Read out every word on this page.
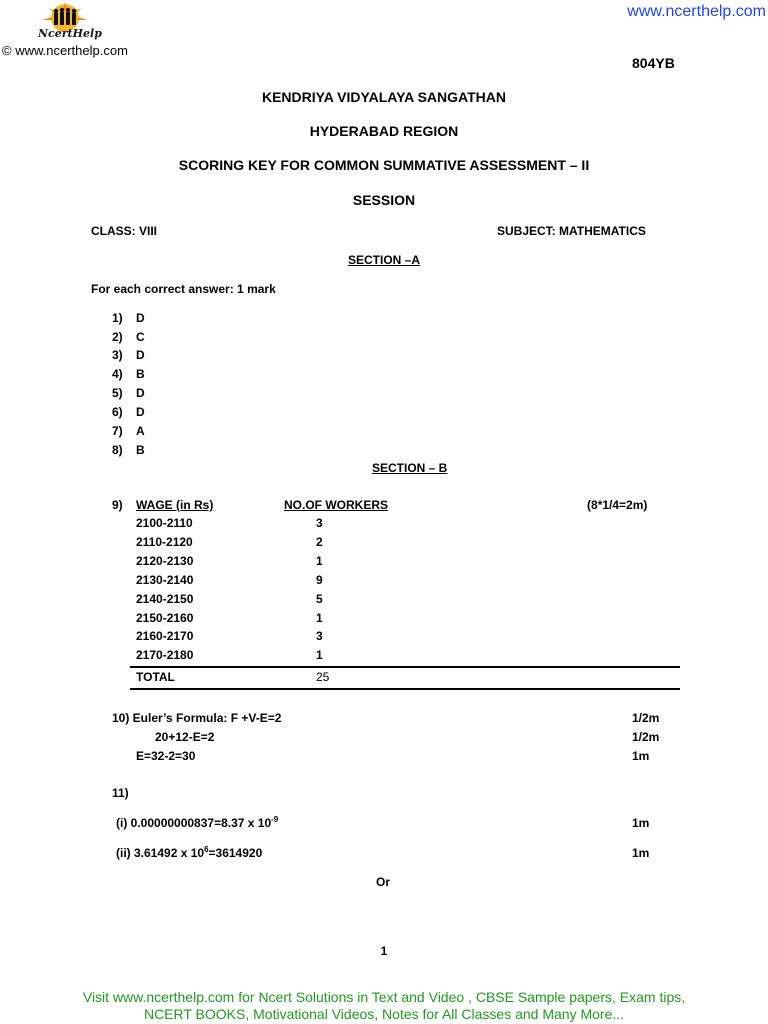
NcertHelp
© www.ncerthelp.com
www.ncerthelp.com
804YB
KENDRIYA VIDYALAYA SANGATHAN
HYDERABAD REGION
SCORING KEY FOR COMMON SUMMATIVE ASSESSMENT – II
SESSION
CLASS: VIII	SUBJECT: MATHEMATICS
SECTION –A
For each correct answer: 1 mark
1) D
2) C
3) D
4) B
5) D
6) D
7) A
8) B
SECTION – B
9) WAGE (in Rs)	NO.OF WORKERS	(8*1/4=2m)
2100-2110	3
2110-2120	2
2120-2130	1
2130-2140	9
2140-2150	5
2150-2160	1
2160-2170	3
2170-2180	1
TOTAL	25
10) Euler’s Formula: F +V-E=2	1/2m
20+12-E=2	1/2m
E=32-2=30	1m
11)
(i) 0.00000000837=8.37 x $10^{-9}$	1m
(ii) 3.61492 x $10^6=3614920$	1m
Or
1
Visit www.ncerthelp.com for Ncert Solutions in Text and Video , CBSE Sample papers, Exam tips,
NCERT BOOKS, Motivational Videos, Notes for All Classes and Many More...
